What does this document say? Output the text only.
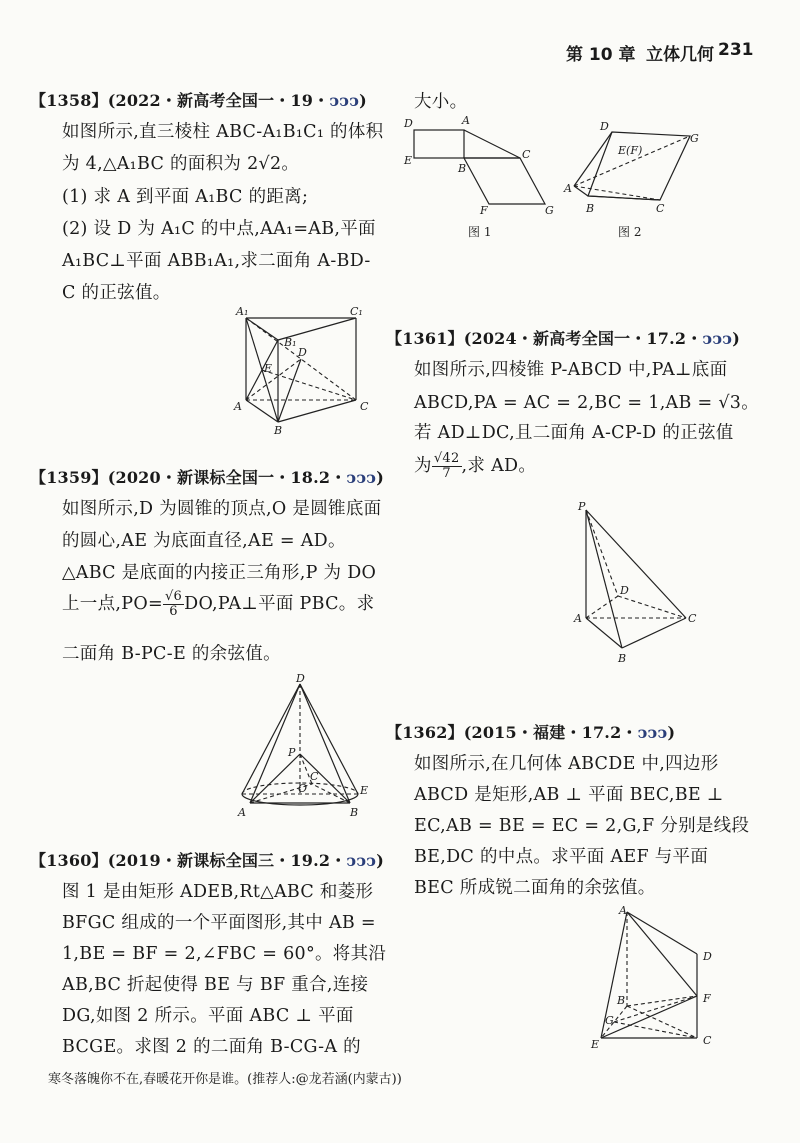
第 10 章 立体几何 231
【1358】(2022・新高考全国一・19・ↄↄↄ)
如图所示,直三棱柱 ABC-A₁B₁C₁ 的体积
为 4,△A₁BC 的面积为 2√2。
(1) 求 A 到平面 A₁BC 的距离;
(2) 设 D 为 A₁C 的中点,AA₁=AB,平面
A₁BC⊥平面 ABB₁A₁,求二面角 A-BD-
C 的正弦值。
A₁	C₁
B₁
D
E
A	C
B
【1359】(2020・新课标全国一・18.2・ↄↄↄ)
如图所示,D 为圆锥的顶点,O 是圆锥底面
的圆心,AE 为底面直径,AE = AD。
△ABC 是底面的内接正三角形,P 为 DO
上一点$,PO= \frac{√6}{6}$ DO,PA⊥平面 PBC。求
二面角 B-PC-E 的余弦值。
D
P
C
O
A
E
B
【1360】(2019・新课标全国三・19.2・ↄↄↄ)
图 1 是由矩形 ADEB,Rt△ABC 和菱形
BFGC 组成的一个平面图形,其中 AB =
1,BE = BF = 2,∠FBC = 60°。将其沿
AB,BC 折起使得 BE 与 BF 重合,连接
DG,如图 2 所示。平面 ABC ⊥ 平面
BCGE。求图 2 的二面角 B-CG-A 的
大小。
D	A
E
B
C
F	G
图 1
D
G
E(F)
A
B	C
图 2
【1361】(2024・新高考全国一・17.2・ↄↄↄ)
如图所示,四棱锥 P-ABCD 中,PA⊥底面
ABCD,PA = AC = 2,BC = 1,AB = √3。
若 AD⊥DC,且二面角 A-CP-D 的正弦值
为 $\frac{√42}{7}$ ,求 AD。
P
D
A	C
B
【1362】(2015・福建・17.2・ↄↄↄ)
如图所示,在几何体 ABCDE 中,四边形
ABCD 是矩形,AB ⊥ 平面 BEC,BE ⊥
EC,AB = BE = EC = 2,G,F 分别是线段
BE,DC 的中点。求平面 AEF 与平面
BEC 所成锐二面角的余弦值。
A
D
B	F
G
E	C
寒冬落魄你不在,春暖花开你是谁。(推荐人:@龙若涵(内蒙古))
